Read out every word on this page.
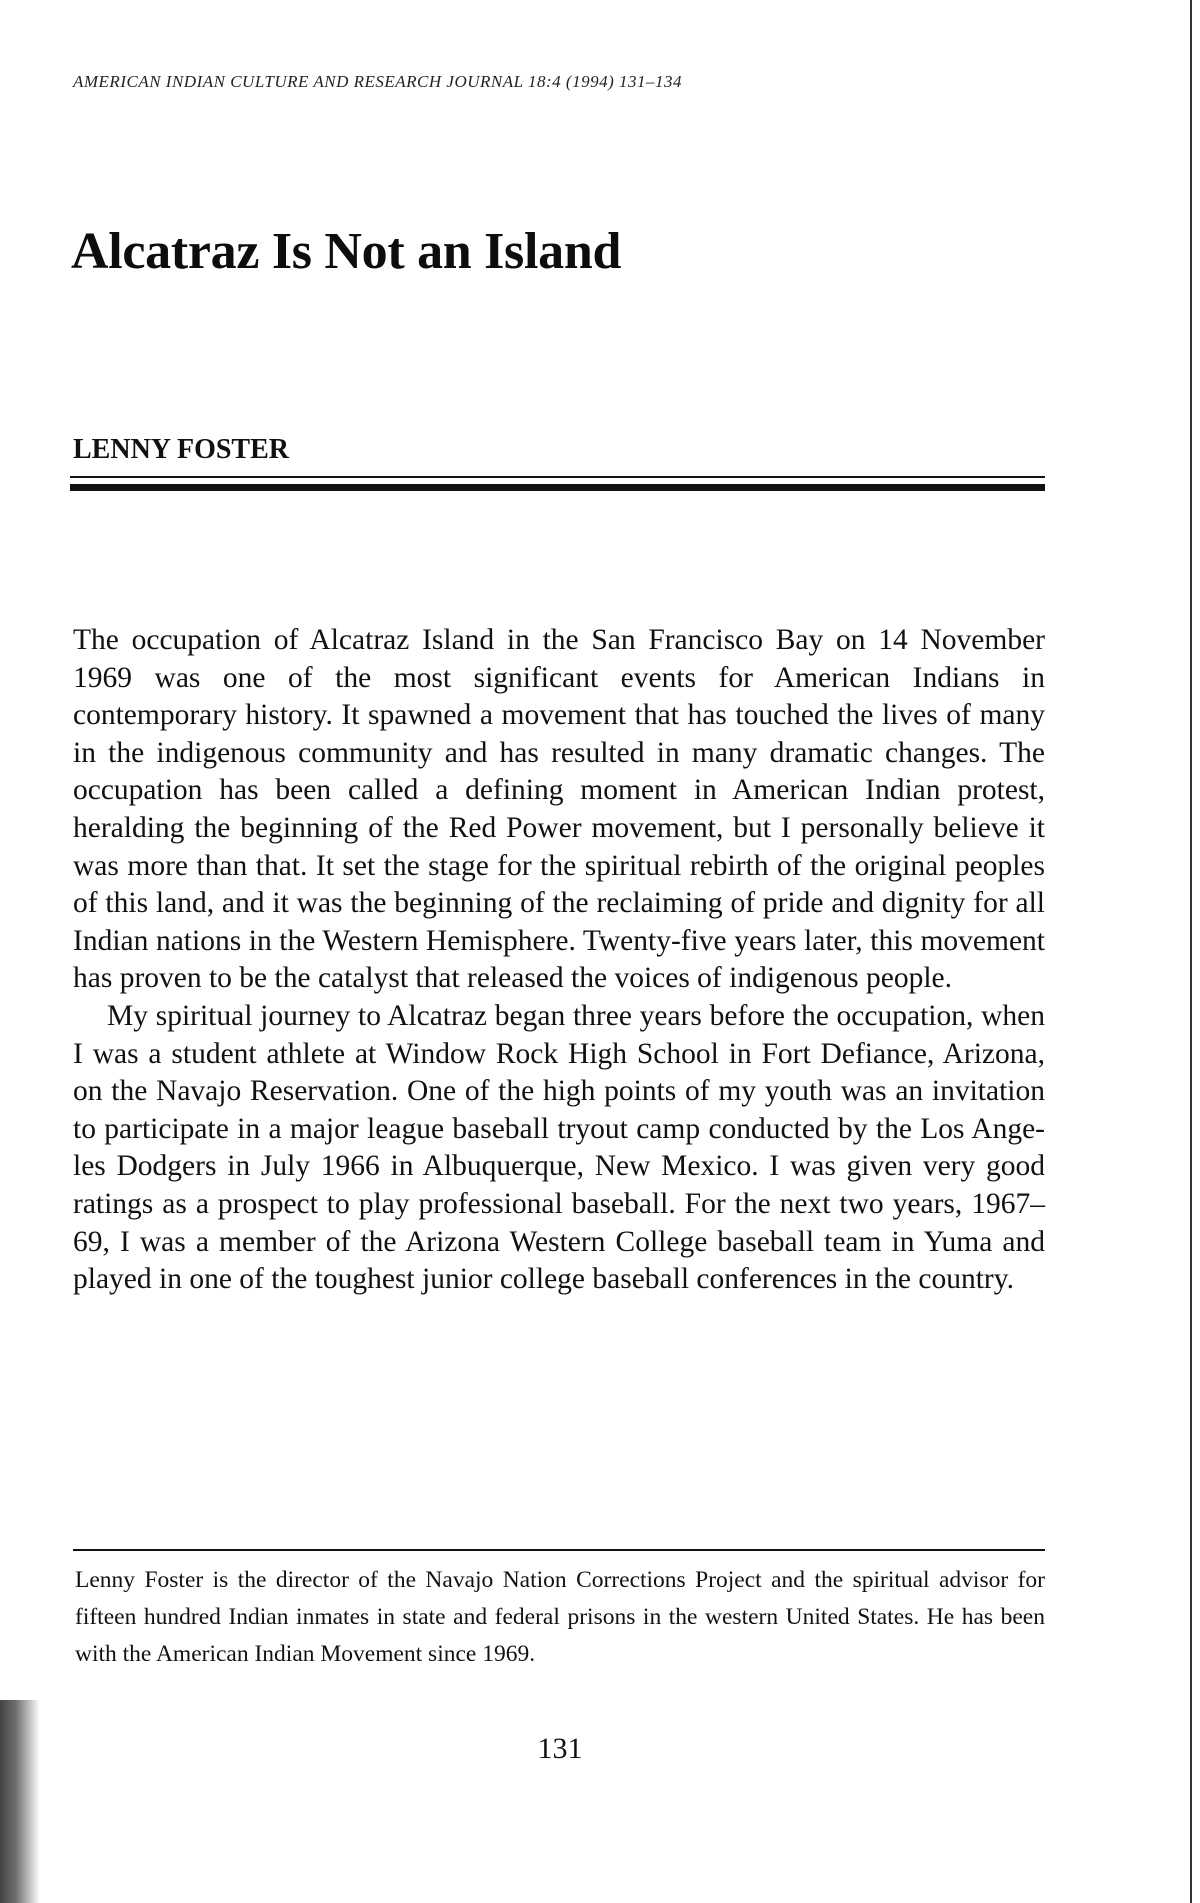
AMERICAN INDIAN CULTURE AND RESEARCH JOURNAL 18:4 (1994) 131–134
Alcatraz Is Not an Island
LENNY FOSTER

The occupation of Alcatraz Island in the San Francisco Bay on 14 November 1969 was one of the most significant events for American Indians in contemporary history. It spawned a movement that has touched the lives of many in the indigenous community and has resulted in many dramatic changes. The occupation has been called a defining moment in American Indian protest, heralding the beginning of the Red Power movement, but I personally believe it was more than that. It set the stage for the spiritual rebirth of the original peoples of this land, and it was the beginning of the reclaiming of pride and dignity for all Indian nations in the Western Hemisphere. Twenty-five years later, this movement has proven to be the catalyst that released the voices of indigenous people.

My spiritual journey to Alcatraz began three years before the occupation, when I was a student athlete at Window Rock High School in Fort Defiance, Arizona, on the Navajo Reservation. One of the high points of my youth was an invitation to participate in a major league baseball tryout camp conducted by the Los Angeles Dodgers in July 1966 in Albuquerque, New Mexico. I was given very good ratings as a prospect to play professional baseball. For the next two years, 1967–69, I was a member of the Arizona Western College baseball team in Yuma and played in one of the toughest junior college baseball conferences in the country.

Lenny Foster is the director of the Navajo Nation Corrections Project and the spiritual advisor for fifteen hundred Indian inmates in state and federal prisons in the western United States. He has been with the American Indian Movement since 1969.
131
